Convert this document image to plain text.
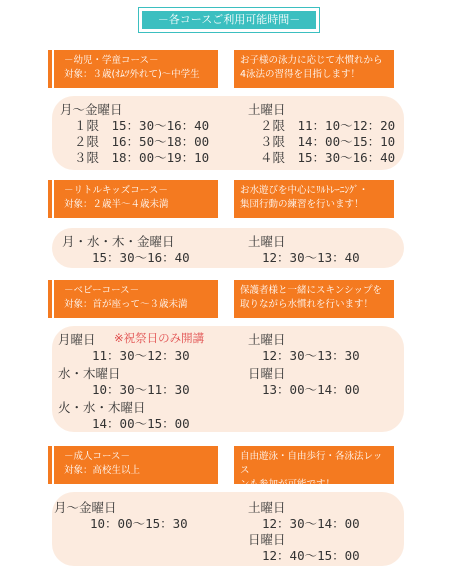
－各コースご利用可能時間－
－幼児・学童コース－
対象：３歳(ｵﾑﾂ外れて)～中学生
お子様の泳力に応じて水慣れから
4泳法の習得を目指します！
月～金曜日
１限　15：30～16：40
２限　16：50～18：00
３限　18：00～19：10
土曜日
２限　11：10～12：20
３限　14：00～15：10
４限　15：30～16：40
－リトルキッズコース－
対象：２歳半～４歳未満
お水遊びを中心にﾘﾙﾄﾚｰﾆﾝｸﾞ・
集団行動の練習を行います！
月・水・木・金曜日
15：30～16：40
土曜日
12：30～13：40
－ベビーコース－
対象：首が座って～３歳未満
保護者様と一緒にスキンシップを
取りながら水慣れを行います！
月曜日 ※祝祭日のみ開講
11：30～12：30
水・木曜日
10：30～11：30
火・水・木曜日
14：00～15：00
土曜日
12：30～13：30
日曜日
13：00～14：00
－成人コース－
対象：高校生以上
自由遊泳・自由歩行・各泳法レッス
ンも参加が可能です！
月～金曜日
10：00～15：30
土曜日
12：30～14：00
日曜日
12：40～15：00
